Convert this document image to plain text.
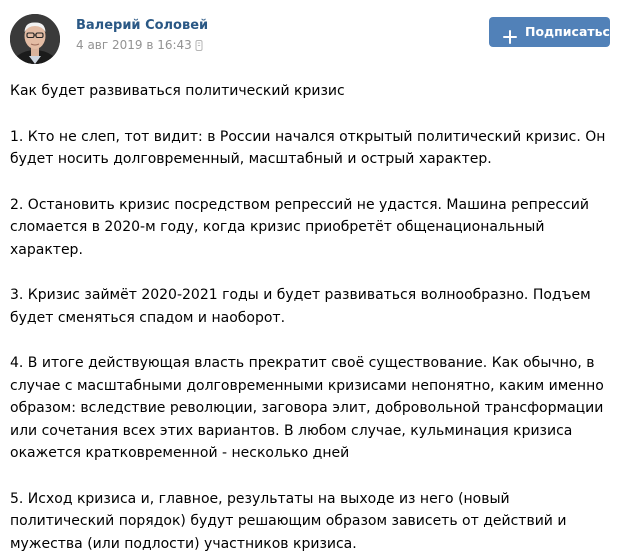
Валерий Соловей
4 авг 2019 в 16:43
Подписаться

Как будет развиваться политический кризис

1. Кто не слеп, тот видит: в России начался открытый политический кризис. Он будет носить долговременный, масштабный и острый характер.

2. Остановить кризис посредством репрессий не удастся. Машина репрессий сломается в 2020-м году, когда кризис приобретёт общенациональный характер.

3. Кризис займёт 2020-2021 годы и будет развиваться волнообразно. Подъем будет сменяться спадом и наоборот.

4. В итоге действующая власть прекратит своё существование. Как обычно, в случае с масштабными долговременными кризисами непонятно, каким именно образом: вследствие революции, заговора элит, добровольной трансформации или сочетания всех этих вариантов. В любом случае, кульминация кризиса окажется кратковременной - несколько дней

5. Исход кризиса и, главное, результаты на выходе из него (новый политический порядок) будут решающим образом зависеть от действий и мужества (или подлости) участников кризиса.
